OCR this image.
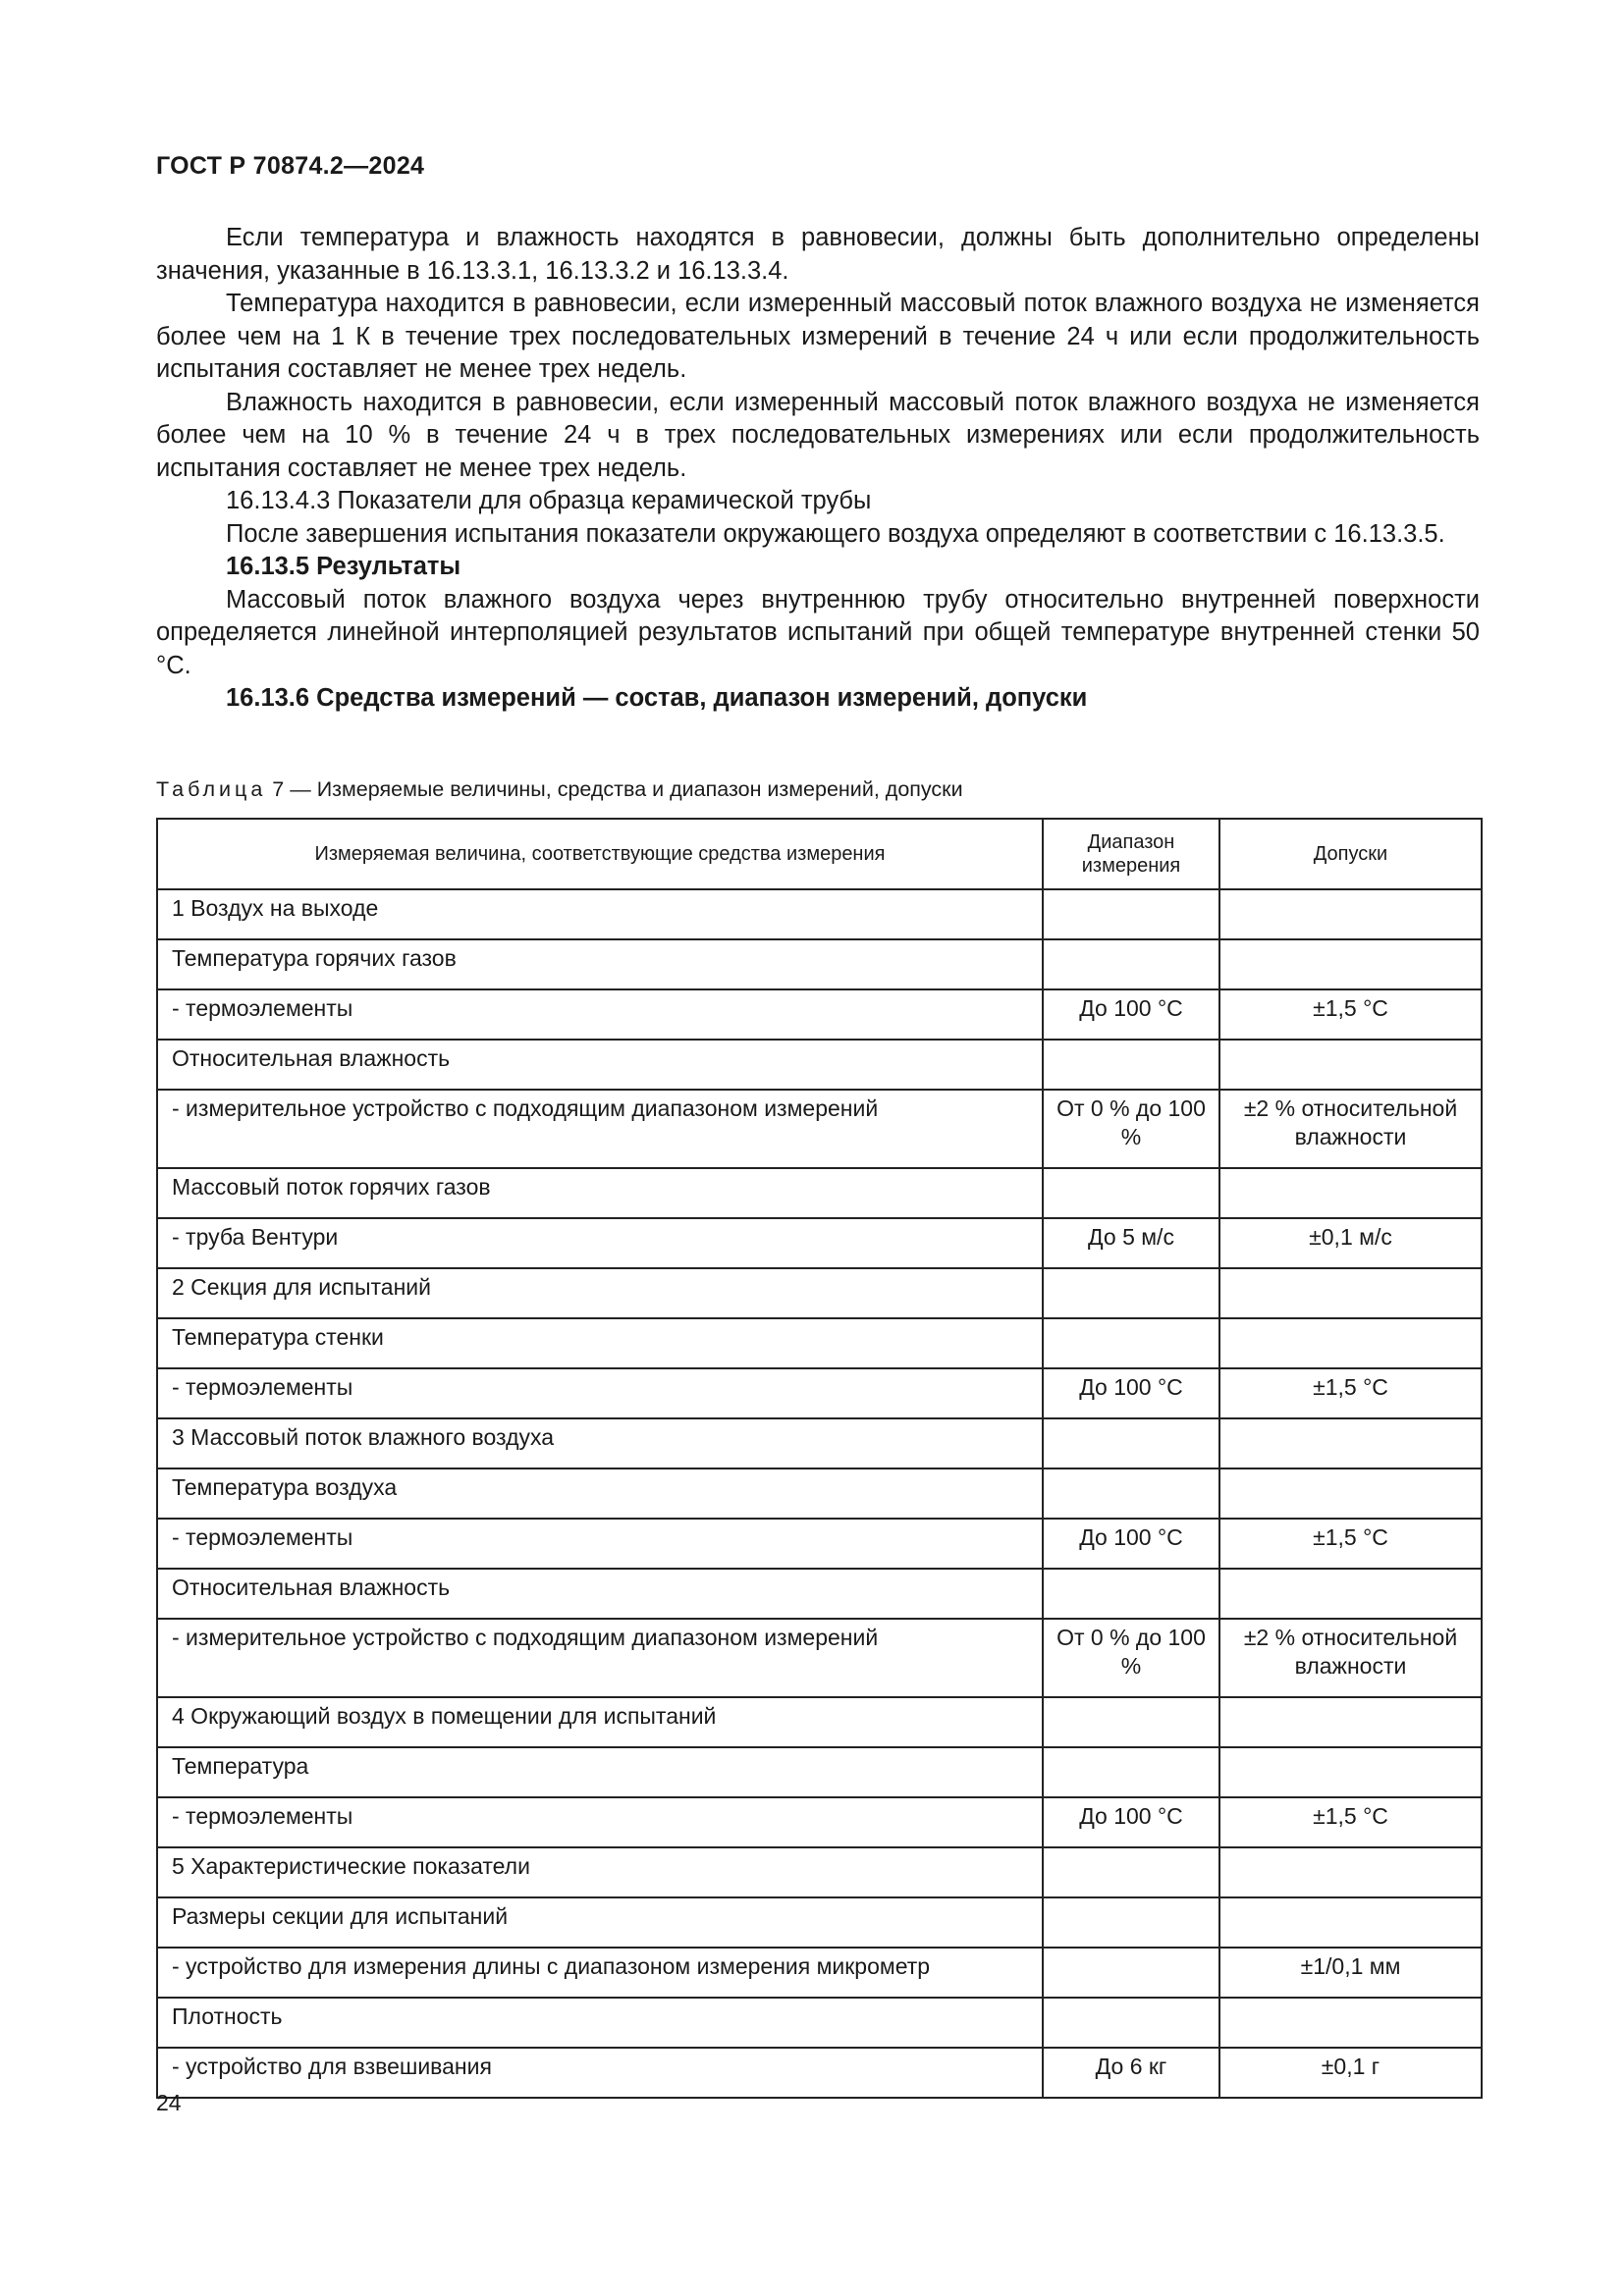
ГОСТ Р 70874.2—2024

Если температура и влажность находятся в равновесии, должны быть дополнительно определены значения, указанные в 16.13.3.1, 16.13.3.2 и 16.13.3.4.

Температура находится в равновесии, если измеренный массовый поток влажного воздуха не изменяется более чем на 1 К в течение трех последовательных измерений в течение 24 ч или если продолжительность испытания составляет не менее трех недель.

Влажность находится в равновесии, если измеренный массовый поток влажного воздуха не изменяется более чем на 10 % в течение 24 ч в трех последовательных измерениях или если продолжительность испытания составляет не менее трех недель.

16.13.4.3 Показатели для образца керамической трубы

После завершения испытания показатели окружающего воздуха определяют в соответствии с 16.13.3.5.

16.13.5 Результаты

Массовый поток влажного воздуха через внутреннюю трубу относительно внутренней поверхности определяется линейной интерполяцией результатов испытаний при общей температуре внутренней стенки 50 °С.

16.13.6 Средства измерений — состав, диапазон измерений, допуски

Таблица 7 — Измеряемые величины, средства и диапазон измерений, допуски
Измеряемая величина, соответствующие средства измерения	Диапазон измерения	Допуски
1 Воздух на выходе		
Температура горячих газов		
- термоэлементы	До 100 °С	±1,5 °С
Относительная влажность		
- измерительное устройство с подходящим диапазоном измерений	От 0 % до 100 %	±2 % относительной влажности
Массовый поток горячих газов		
- труба Вентури	До 5 м/с	±0,1 м/с
2 Секция для испытаний		
Температура стенки		
- термоэлементы	До 100 °С	±1,5 °С
3 Массовый поток влажного воздуха		
Температура воздуха		
- термоэлементы	До 100 °С	±1,5 °С
Относительная влажность		
- измерительное устройство с подходящим диапазоном измерений	От 0 % до 100 %	±2 % относительной влажности
4 Окружающий воздух в помещении для испытаний		
Температура		
- термоэлементы	До 100 °С	±1,5 °С
5 Характеристические показатели		
Размеры секции для испытаний		
- устройство для измерения длины с диапазоном измерения микрометр		±1/0,1 мм
Плотность		
- устройство для взвешивания	До 6 кг	±0,1 г
24
